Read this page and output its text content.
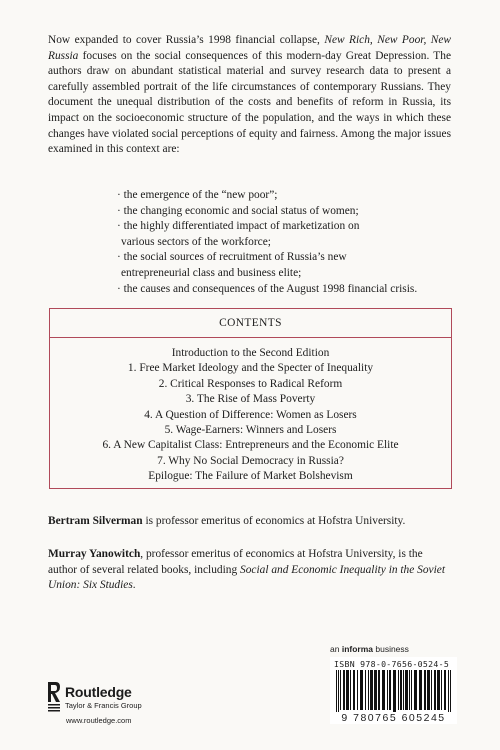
Now expanded to cover Russia’s 1998 financial collapse, New Rich, New Poor, New Russia focuses on the social consequences of this modern-day Great Depression. The authors draw on abundant statistical material and survey research data to present a carefully assembled portrait of the life circumstances of contemporary Russians. They document the unequal distribution of the costs and benefits of reform in Russia, its impact on the socioeconomic structure of the population, and the ways in which these changes have violated social perceptions of equity and fairness. Among the major issues examined in this context are:

· the emergence of the “new poor”;
· the changing economic and social status of women;
· the highly differentiated impact of marketization on
various sectors of the workforce;
· the social sources of recruitment of Russia’s new
entrepreneurial class and business elite;
· the causes and consequences of the August 1998 financial crisis.
CONTENTS
Introduction to the Second Edition
1. Free Market Ideology and the Specter of Inequality
2. Critical Responses to Radical Reform
3. The Rise of Mass Poverty
4. A Question of Difference: Women as Losers
5. Wage-Earners: Winners and Losers
6. A New Capitalist Class: Entrepreneurs and the Economic Elite
7. Why No Social Democracy in Russia?
Epilogue: The Failure of Market Bolshevism
Bertram Silverman is professor emeritus of economics at Hofstra University.
Murray Yanowitch, professor emeritus of economics at Hofstra University, is the author of several related books, including Social and Economic Inequality in the Soviet Union: Six Studies.
an informa business
ISBN 978-0-7656-0524-5
9 780765 605245
Routledge
Taylor & Francis Group
www.routledge.com
